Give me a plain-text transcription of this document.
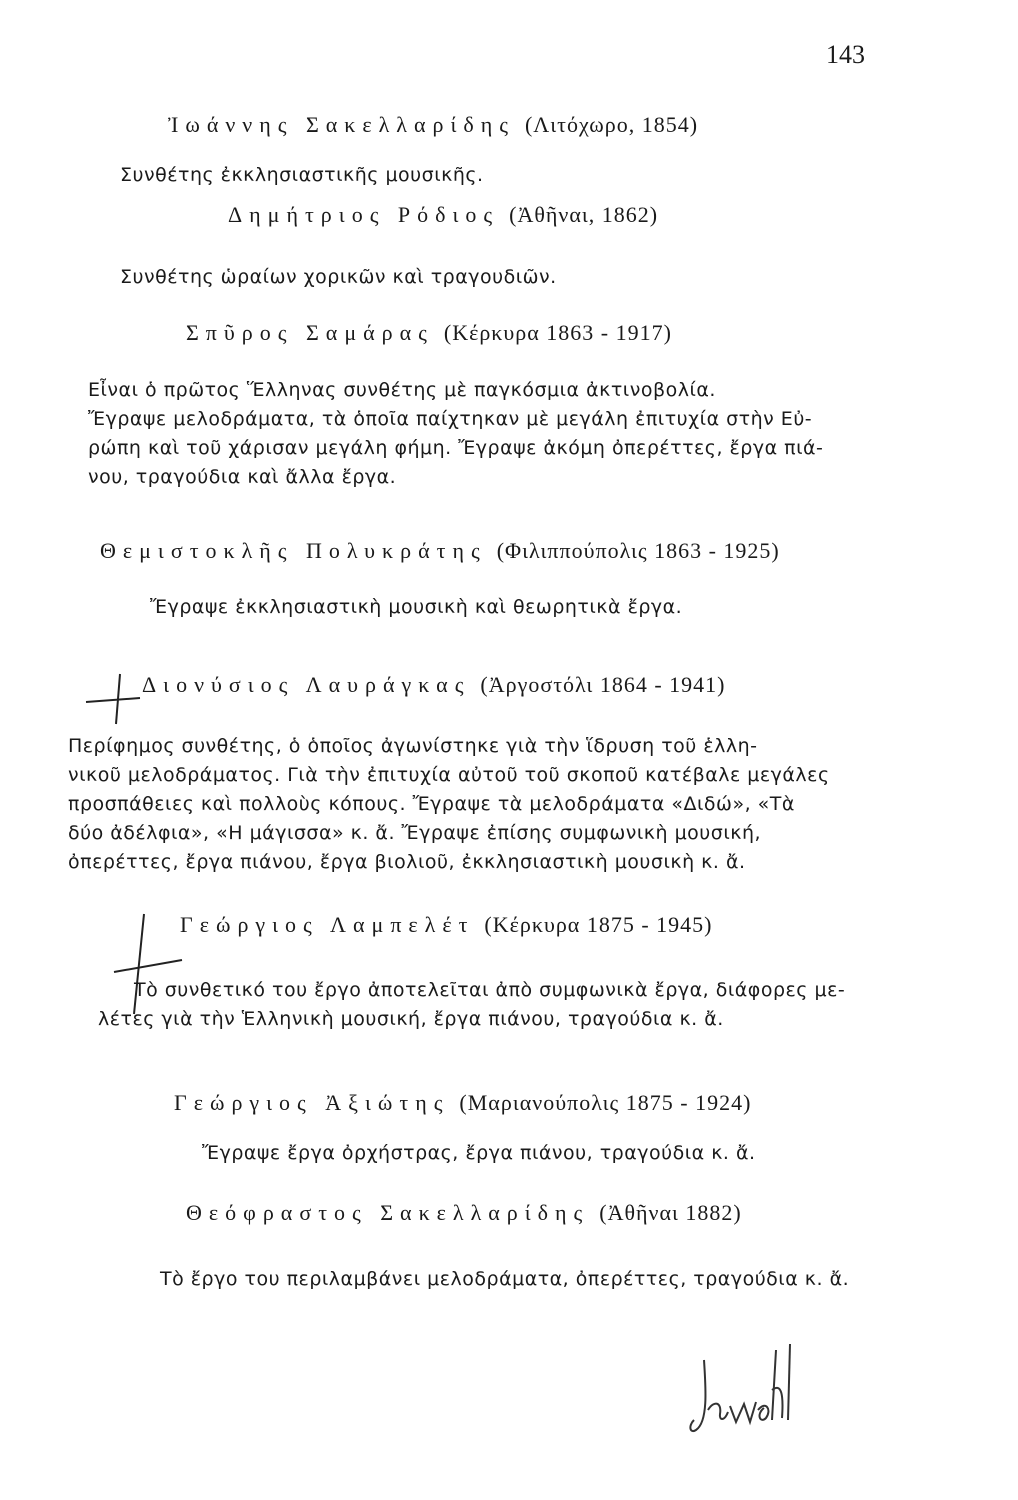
143
Ἰωάννης Σακελλαρίδης (Λιτόχωρο, 1854)
Συνθέτης ἐκκλησιαστικῆς μουσικῆς.
Δημήτριος Ρόδιος (Ἀθῆναι, 1862)
Συνθέτης ὡραίων χορικῶν καὶ τραγουδιῶν.
Σπῦρος Σαμάρας (Κέρκυρα 1863 - 1917)
Εἶναι ὁ πρῶτος Ἕλληνας συνθέτης μὲ παγκόσμια ἀκτινοβολία.
Ἔγραψε μελοδράματα, τὰ ὁποῖα παίχτηκαν μὲ μεγάλη ἐπιτυχία στὴν Εὐ-
ρώπη καὶ τοῦ χάρισαν μεγάλη φήμη. Ἔγραψε ἀκόμη ὀπερέττες, ἔργα πιά-
νου, τραγούδια καὶ ἄλλα ἔργα.
Θεμιστοκλῆς Πολυκράτης (Φιλιππούπολις 1863 - 1925)
Ἔγραψε ἐκκλησιαστικὴ μουσικὴ καὶ θεωρητικὰ ἔργα.
Διονύσιος Λαυράγκας (Ἀργοστόλι 1864 - 1941)
Περίφημος συνθέτης, ὁ ὁποῖος ἀγωνίστηκε γιὰ τὴν ἵδρυση τοῦ ἑλλη-
νικοῦ μελοδράματος. Γιὰ τὴν ἐπιτυχία αὐτοῦ τοῦ σκοποῦ κατέβαλε μεγάλες
προσπάθειες καὶ πολλοὺς κόπους. Ἔγραψε τὰ μελοδράματα «Διδώ», «Τὰ
δύο ἀδέλφια», «Η μάγισσα» κ. ἄ. Ἔγραψε ἐπίσης συμφωνικὴ μουσική,
ὀπερέττες, ἔργα πιάνου, ἔργα βιολιοῦ, ἐκκλησιαστικὴ μουσικὴ κ. ἄ.
Γεώργιος Λαμπελέτ (Κέρκυρα 1875 - 1945)
Τὸ συνθετικό του ἔργο ἀποτελεῖται ἀπὸ συμφωνικὰ ἔργα, διάφορες με-
λέτες γιὰ τὴν Ἑλληνικὴ μουσική, ἔργα πιάνου, τραγούδια κ. ἄ.
Γεώργιος Ἀξιώτης (Μαριανούπολις 1875 - 1924)
Ἔγραψε ἔργα ὀρχήστρας, ἔργα πιάνου, τραγούδια κ. ἄ.
Θεόφραστος Σακελλαρίδης (Ἀθῆναι 1882)
Τὸ ἔργο του περιλαμβάνει μελοδράματα, ὀπερέττες, τραγούδια κ. ἄ.
